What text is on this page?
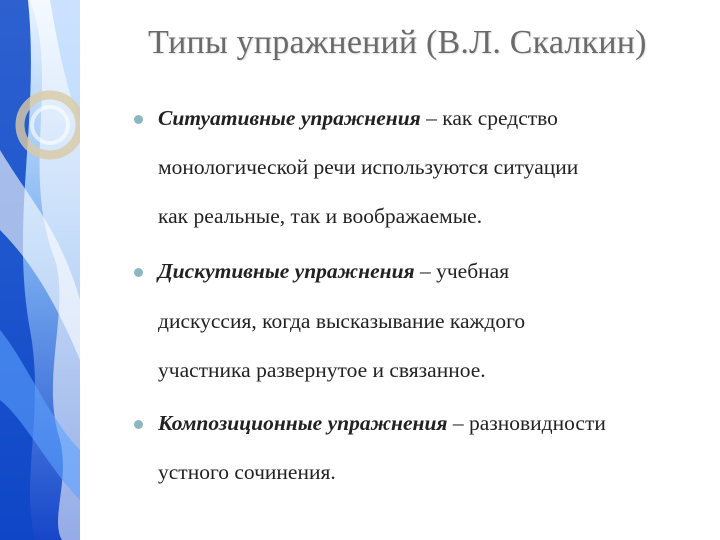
Типы упражнений (В.Л. Скалкин)
Ситуативные упражнения – как средство
монологической речи используются ситуации
как реальные, так и воображаемые.
Дискутивные упражнения – учебная
дискуссия, когда высказывание каждого
участника развернутое и связанное.
Композиционные упражнения – разновидности
устного сочинения.
